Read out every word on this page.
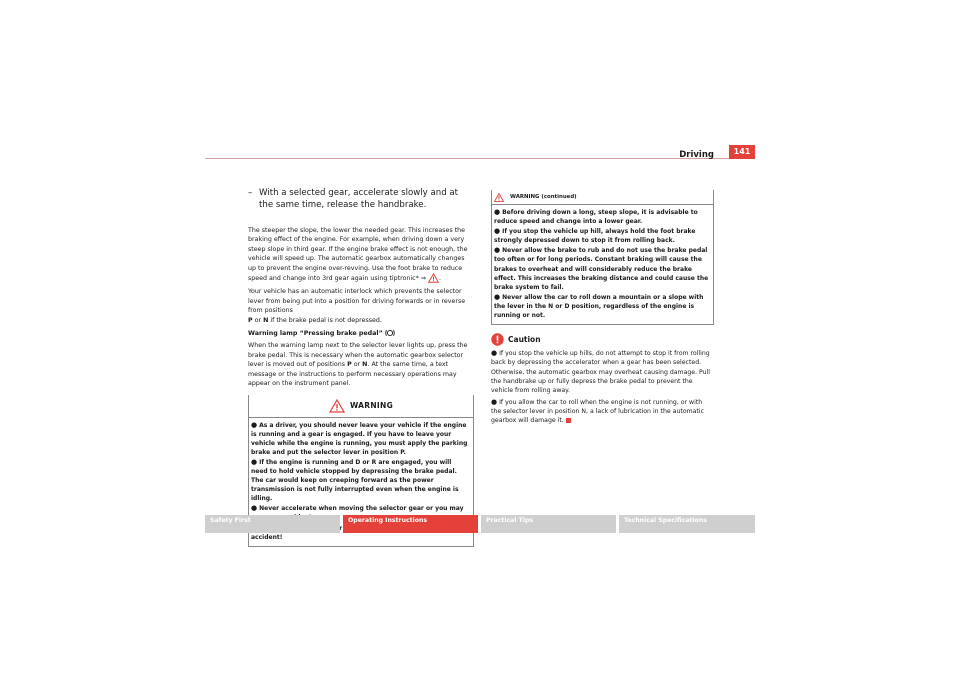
Driving	141
– With a selected gear, accelerate slowly and at the same time, release the handbrake.

The steeper the slope, the lower the needed gear. This increases the braking effect of the engine. For example, when driving down a very steep slope in third gear. If the engine brake effect is not enough, the vehicle will speed up. The automatic gearbox automatically changes up to prevent the engine over-revving. Use the foot brake to reduce speed and change into 3rd gear again using tiptronic* ⇒ .

Your vehicle has an automatic interlock which prevents the selector lever from being put into a position for driving forwards or in reverse from positions
P or N if the brake pedal is not depressed.

Warning lamp “Pressing brake pedal”

When the warning lamp next to the selector lever lights up, press the brake pedal. This is necessary when the automatic gearbox selector lever is moved out of positions P or N. At the same time, a text message or the instructions to perform necessary operations may appear on the instrument panel.

WARNING

● As a driver, you should never leave your vehicle if the engine is running and a gear is engaged. If you have to leave your vehicle while the engine is running, you must apply the parking brake and put the selector lever in position P.

● If the engine is running and D or R are engaged, you will need to hold vehicle stopped by depressing the brake pedal. The car would keep on creeping forward as the power transmission is not fully interrupted even when the engine is idling.

● Never accelerate when moving the selector gear or you may

accident!

WARNING (continued)

● Before driving down a long, steep slope, it is advisable to reduce speed and change into a lower gear.

● If you stop the vehicle up hill, always hold the foot brake strongly depressed down to stop it from rolling back.

● Never allow the brake to rub and do not use the brake pedal too often or for long periods. Constant braking will cause the brakes to overheat and will considerably reduce the brake effect. This increases the braking distance and could cause the brake system to fail.

● Never allow the car to roll down a mountain or a slope with the lever in the N or D position, regardless of the engine is running or not.

Caution

● If you stop the vehicle up hills, do not attempt to stop it from rolling back by depressing the accelerator when a gear has been selected. Otherwise, the automatic gearbox may overheat causing damage. Pull the handbrake up or fully depress the brake pedal to prevent the vehicle from rolling away.

● If you allow the car to roll when the engine is not running, or with the selector lever in position N, a lack of lubrication in the automatic gearbox will damage it.

Safety First	Operating Instructions	Practical Tips	Technical Specifications
